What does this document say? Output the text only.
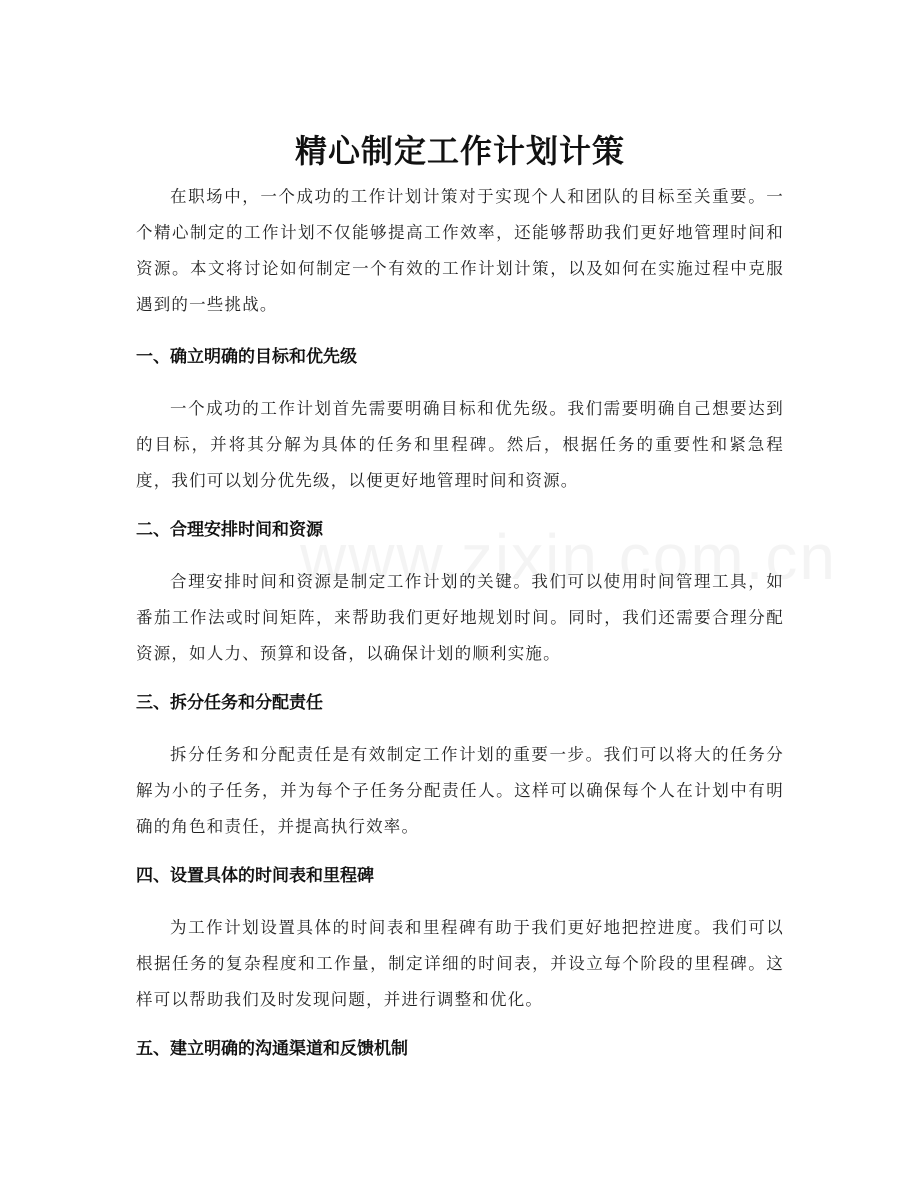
精心制定工作计划计策

在职场中，一个成功的工作计划计策对于实现个人和团队的目标至关重要。一个精心制定的工作计划不仅能够提高工作效率，还能够帮助我们更好地管理时间和资源。本文将讨论如何制定一个有效的工作计划计策，以及如何在实施过程中克服遇到的一些挑战。

一、确立明确的目标和优先级

一个成功的工作计划首先需要明确目标和优先级。我们需要明确自己想要达到的目标，并将其分解为具体的任务和里程碑。然后，根据任务的重要性和紧急程度，我们可以划分优先级，以便更好地管理时间和资源。

二、合理安排时间和资源

合理安排时间和资源是制定工作计划的关键。我们可以使用时间管理工具，如番茄工作法或时间矩阵，来帮助我们更好地规划时间。同时，我们还需要合理分配资源，如人力、预算和设备，以确保计划的顺利实施。

三、拆分任务和分配责任

拆分任务和分配责任是有效制定工作计划的重要一步。我们可以将大的任务分解为小的子任务，并为每个子任务分配责任人。这样可以确保每个人在计划中有明确的角色和责任，并提高执行效率。

四、设置具体的时间表和里程碑

为工作计划设置具体的时间表和里程碑有助于我们更好地把控进度。我们可以根据任务的复杂程度和工作量，制定详细的时间表，并设立每个阶段的里程碑。这样可以帮助我们及时发现问题，并进行调整和优化。

五、建立明确的沟通渠道和反馈机制
